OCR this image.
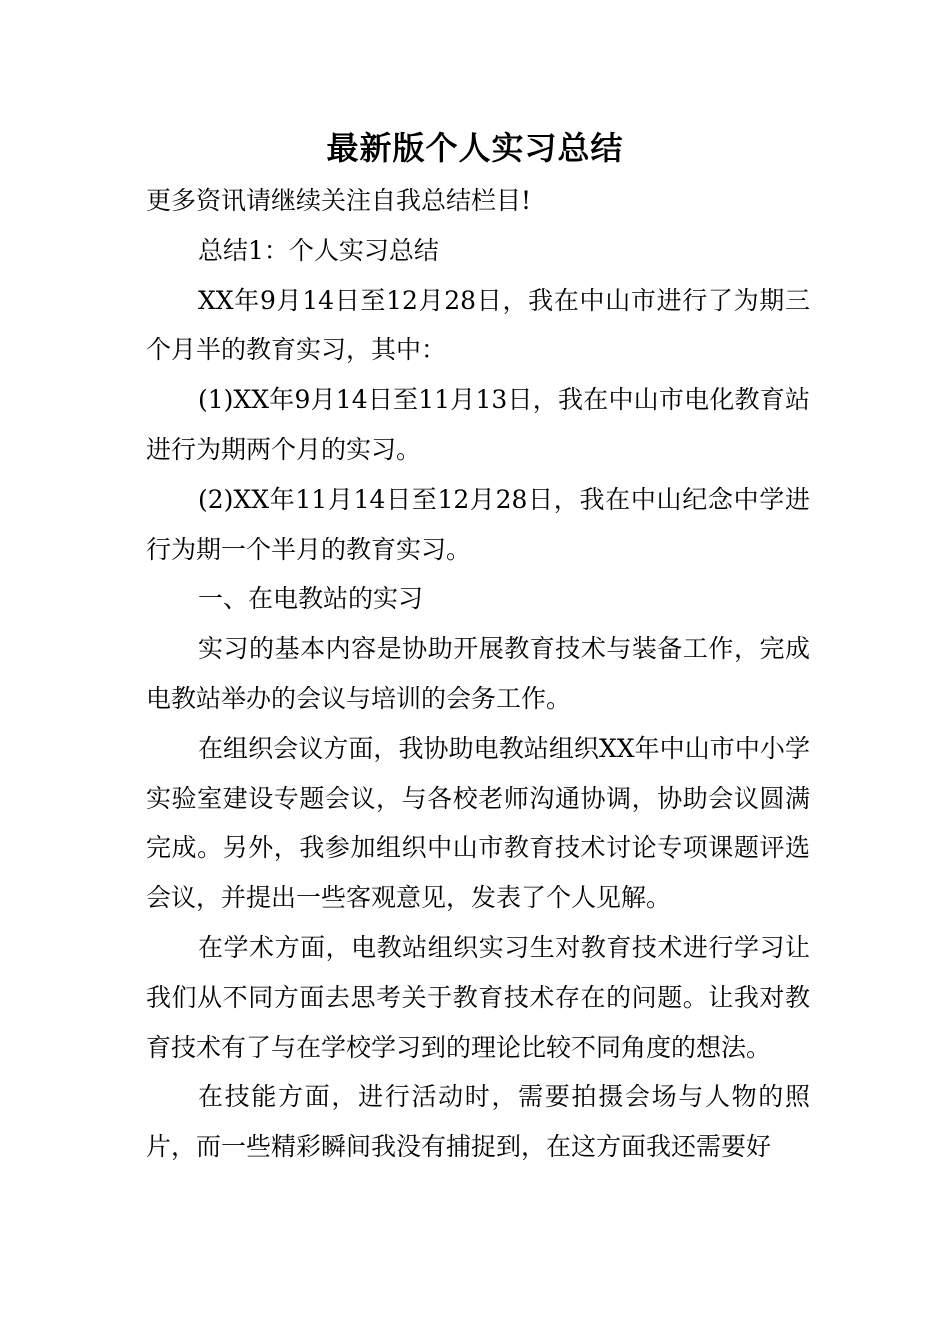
最新版个人实习总结

更多资讯请继续关注自我总结栏目!

总结1：个人实习总结

XX年9月14日至12月28日，我在中山市进行了为期三个月半的教育实习，其中：

(1)XX年9月14日至11月13日，我在中山市电化教育站进行为期两个月的实习。

(2)XX年11月14日至12月28日，我在中山纪念中学进行为期一个半月的教育实习。

一、在电教站的实习

实习的基本内容是协助开展教育技术与装备工作，完成电教站举办的会议与培训的会务工作。

在组织会议方面，我协助电教站组织XX年中山市中小学实验室建设专题会议，与各校老师沟通协调，协助会议圆满完成。另外，我参加组织中山市教育技术讨论专项课题评选会议，并提出一些客观意见，发表了个人见解。

在学术方面，电教站组织实习生对教育技术进行学习让我们从不同方面去思考关于教育技术存在的问题。让我对教育技术有了与在学校学习到的理论比较不同角度的想法。

在技能方面，进行活动时，需要拍摄会场与人物的照片，而一些精彩瞬间我没有捕捉到，在这方面我还需要好
